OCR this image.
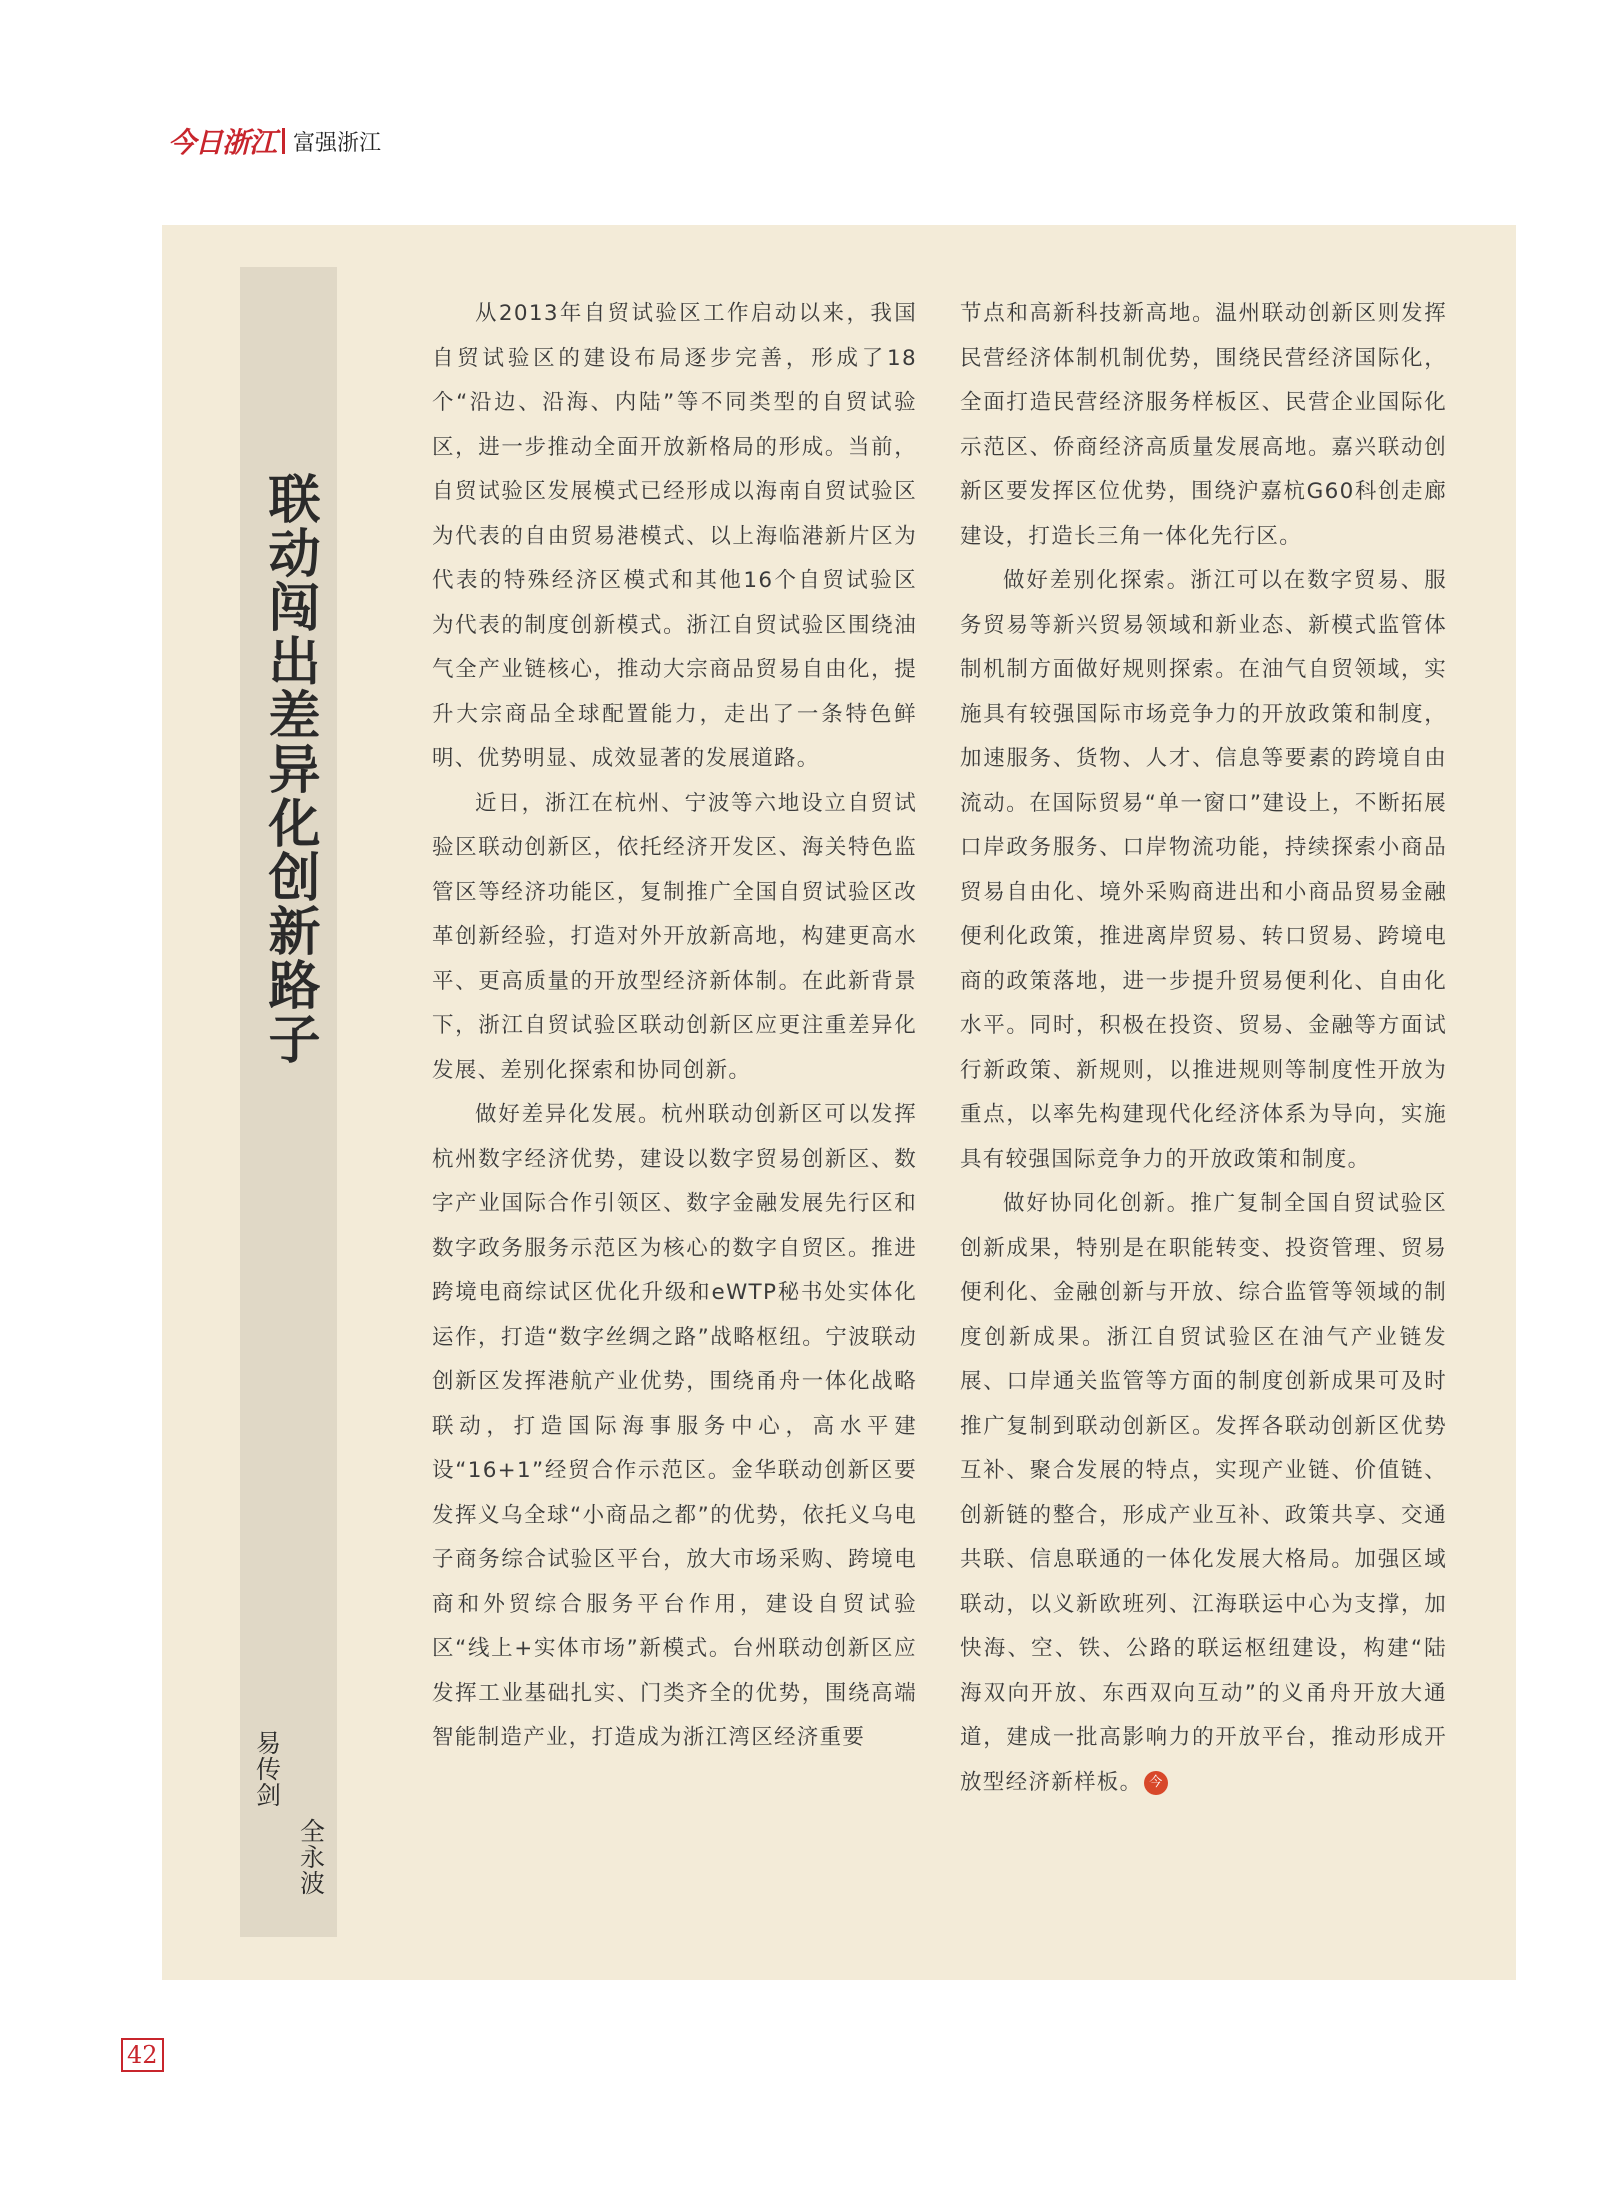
今日浙江 富强浙江
联动闯出差异化创新路子
易传剑
全永波

从2013年自贸试验区工作启动以来，我国自贸试验区的建设布局逐步完善，形成了18个“沿边、沿海、内陆”等不同类型的自贸试验区，进一步推动全面开放新格局的形成。当前，自贸试验区发展模式已经形成以海南自贸试验区为代表的自由贸易港模式、以上海临港新片区为代表的特殊经济区模式和其他16个自贸试验区为代表的制度创新模式。浙江自贸试验区围绕油气全产业链核心，推动大宗商品贸易自由化，提升大宗商品全球配置能力，走出了一条特色鲜明、优势明显、成效显著的发展道路。

近日，浙江在杭州、宁波等六地设立自贸试验区联动创新区，依托经济开发区、海关特色监管区等经济功能区，复制推广全国自贸试验区改革创新经验，打造对外开放新高地，构建更高水平、更高质量的开放型经济新体制。在此新背景下，浙江自贸试验区联动创新区应更注重差异化发展、差别化探索和协同创新。

做好差异化发展。杭州联动创新区可以发挥杭州数字经济优势，建设以数字贸易创新区、数字产业国际合作引领区、数字金融发展先行区和数字政务服务示范区为核心的数字自贸区。推进跨境电商综试区优化升级和eWTP秘书处实体化运作，打造“数字丝绸之路”战略枢纽。宁波联动创新区发挥港航产业优势，围绕甬舟一体化战略联动，打造国际海事服务中心，高水平建设“16+1”经贸合作示范区。金华联动创新区要发挥义乌全球“小商品之都”的优势，依托义乌电子商务综合试验区平台，放大市场采购、跨境电商和外贸综合服务平台作用，建设自贸试验区“线上+实体市场”新模式。台州联动创新区应发挥工业基础扎实、门类齐全的优势，围绕高端智能制造产业，打造成为浙江湾区经济重要

节点和高新科技新高地。温州联动创新区则发挥民营经济体制机制优势，围绕民营经济国际化，全面打造民营经济服务样板区、民营企业国际化示范区、侨商经济高质量发展高地。嘉兴联动创新区要发挥区位优势，围绕沪嘉杭G60科创走廊建设，打造长三角一体化先行区。

做好差别化探索。浙江可以在数字贸易、服务贸易等新兴贸易领域和新业态、新模式监管体制机制方面做好规则探索。在油气自贸领域，实施具有较强国际市场竞争力的开放政策和制度，加速服务、货物、人才、信息等要素的跨境自由流动。在国际贸易“单一窗口”建设上，不断拓展口岸政务服务、口岸物流功能，持续探索小商品贸易自由化、境外采购商进出和小商品贸易金融便利化政策，推进离岸贸易、转口贸易、跨境电商的政策落地，进一步提升贸易便利化、自由化水平。同时，积极在投资、贸易、金融等方面试行新政策、新规则，以推进规则等制度性开放为重点，以率先构建现代化经济体系为导向，实施具有较强国际竞争力的开放政策和制度。

做好协同化创新。推广复制全国自贸试验区创新成果，特别是在职能转变、投资管理、贸易便利化、金融创新与开放、综合监管等领域的制度创新成果。浙江自贸试验区在油气产业链发展、口岸通关监管等方面的制度创新成果可及时推广复制到联动创新区。发挥各联动创新区优势互补、聚合发展的特点，实现产业链、价值链、创新链的整合，形成产业互补、政策共享、交通共联、信息联通的一体化发展大格局。加强区域联动，以义新欧班列、江海联运中心为支撑，加快海、空、铁、公路的联运枢纽建设，构建“陆海双向开放、东西双向互动”的义甬舟开放大通道，建成一批高影响力的开放平台，推动形成开放型经济新样板。 今

42
